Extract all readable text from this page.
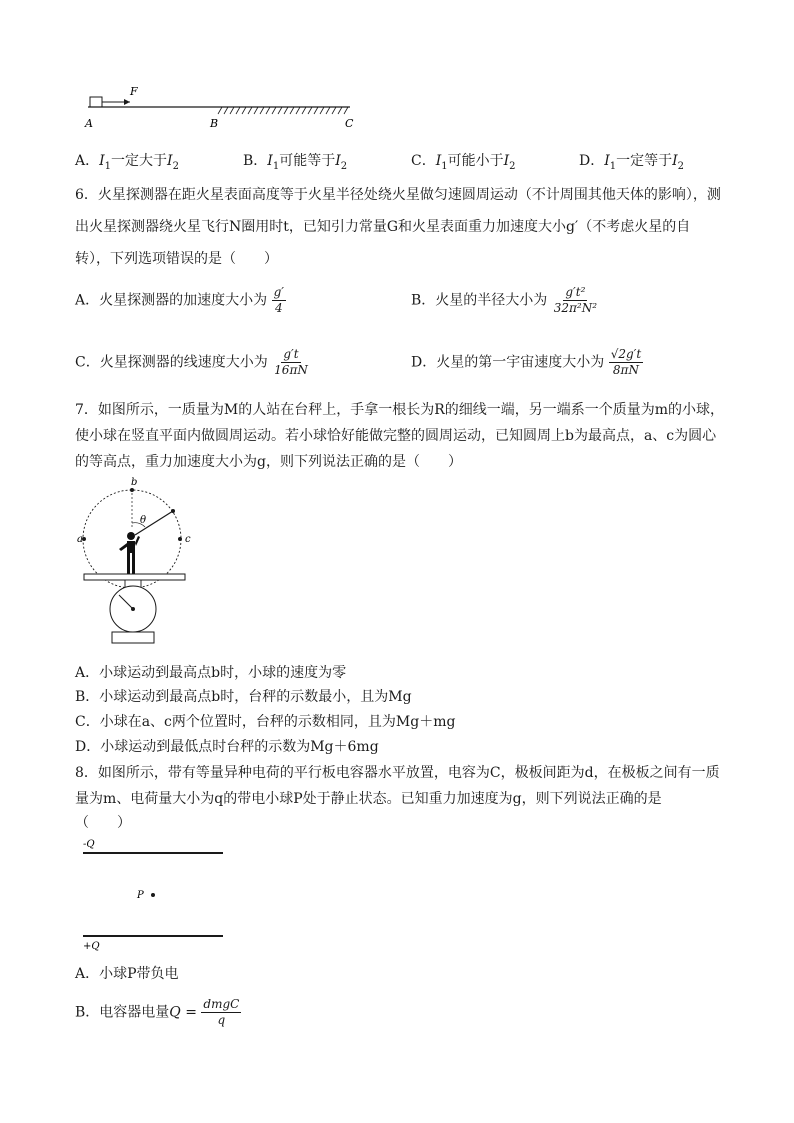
F
A	B	C
A．$I_1$一定大于$I_2$	B．$I_1$可能等于$I_2$	C．$I_1$可能小于$I_2$	D．$I_1$一定等于$I_2$
6．火星探测器在距火星表面高度等于火星半径处绕火星做匀速圆周运动（不计周围其他天体的影响），测
出火星探测器绕火星飞行N圈用时t，已知引力常量G和火星表面重力加速度大小g′（不考虑火星的自
转），下列选项错误的是（　　）
A．火星探测器的加速度大小为 $\frac{g'}{4}$	B．火星的半径大小为 $\frac{\text{g′t²}}{\text{32π²N²}}$
C．火星探测器的线速度大小为 $\frac{g't}{16\pi N}$	D．火星的第一宇宙速度大小为 $\frac{√2g't}{8\pi N}$
7．如图所示，一质量为M的人站在台秤上，手拿一根长为R的细线一端，另一端系一个质量为m的小球，
使小球在竖直平面内做圆周运动。若小球恰好能做完整的圆周运动，已知圆周上b为最高点，a、c为圆心
的等高点，重力加速度大小为g，则下列说法正确的是（　　）
θ
b
a	c
A．小球运动到最高点b时，小球的速度为零
B．小球运动到最高点b时，台秤的示数最小，且为Mg
C．小球在a、c两个位置时，台秤的示数相同，且为Mg＋mg
D．小球运动到最低点时台秤的示数为Mg＋6mg
8．如图所示，带有等量异种电荷的平行板电容器水平放置，电容为C，极板间距为d，在极板之间有一质
量为m、电荷量大小为q的带电小球P处于静止状态。已知重力加速度为g，则下列说法正确的是
（　　）
-Q
P
+Q
A．小球P带负电
B．电容器电量$Q = \frac{\text{dmgC}}{q}$
